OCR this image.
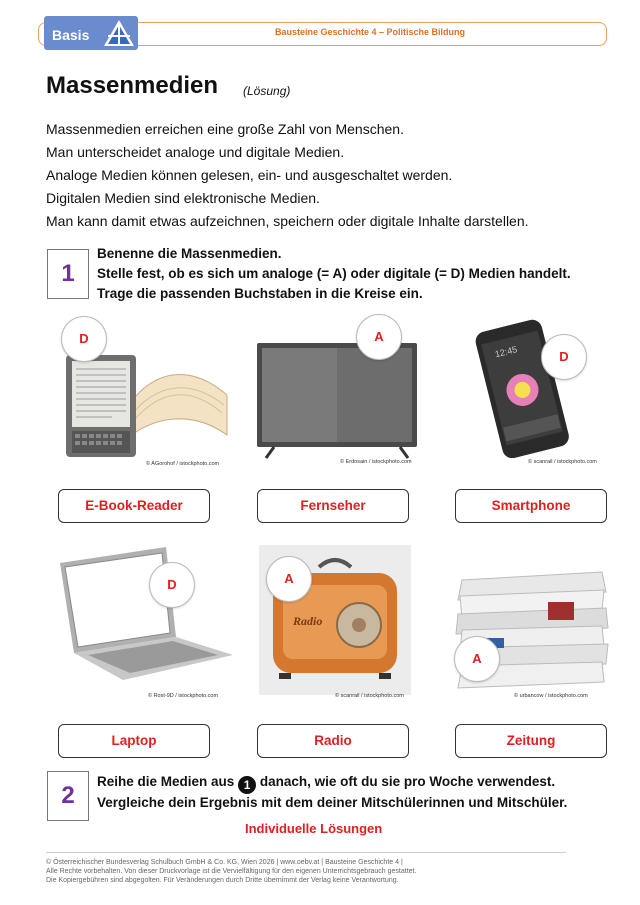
Bausteine Geschichte 4 – Politische Bildung
Basis
Massenmedien (Lösung)
Massenmedien erreichen eine große Zahl von Menschen.
Man unterscheidet analoge und digitale Medien.
Analoge Medien können gelesen, ein- und ausgeschaltet werden.
Digitalen Medien sind elektronische Medien.
Man kann damit etwas aufzeichnen, speichern oder digitale Inhalte darstellen.
1
Benenne die Massenmedien.
Stelle fest, ob es sich um analoge (= A) oder digitale (= D) Medien handelt.
Trage die passenden Buchstaben in die Kreise ein.
D
© AGorohof / istockphoto.com
A
© Erdosain / istockphoto.com
12:45	D
© scanrail / istockphoto.com
E-Book-Reader	Fernseher	Smartphone
D
© Rost-9D / istockphoto.com
Radio
A
© scanrail / istockphoto.com
A
© urbancow / istockphoto.com
Laptop	Radio	Zeitung
2
Reihe die Medien aus 1 danach, wie oft du sie pro Woche verwendest.
Vergleiche dein Ergebnis mit dem deiner Mitschülerinnen und Mitschüler.
Individuelle Lösungen
© Österreichischer Bundesverlag Schulbuch GmbH & Co. KG, Wien 2026 | www.oebv.at | Bausteine Geschichte 4 |
Alle Rechte vorbehalten. Von dieser Druckvorlage ist die Vervielfältigung für den eigenen Unterrichtsgebrauch gestattet.
Die Kopiergebühren sind abgegolten. Für Veränderungen durch Dritte übernimmt der Verlag keine Verantwortung.
